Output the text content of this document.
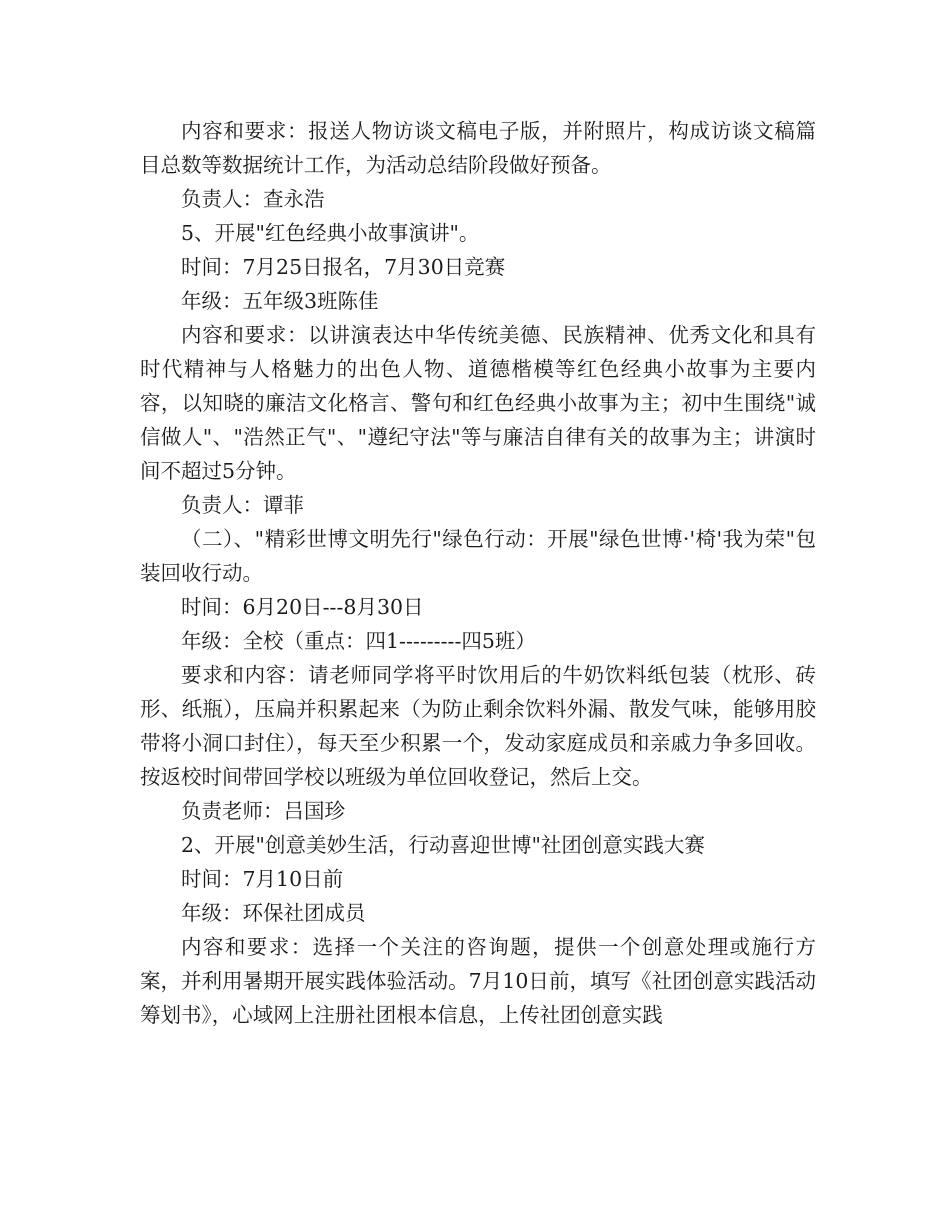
内容和要求：报送人物访谈文稿电子版，并附照片，构成访谈文稿篇目总数等数据统计工作，为活动总结阶段做好预备。

负责人：查永浩

5、开展"红色经典小故事演讲"。

时间：7月25日报名，7月30日竞赛

年级：五年级3班陈佳

内容和要求：以讲演表达中华传统美德、民族精神、优秀文化和具有时代精神与人格魅力的出色人物、道德楷模等红色经典小故事为主要内容，以知晓的廉洁文化格言、警句和红色经典小故事为主；初中生围绕"诚信做人"、"浩然正气"、"遵纪守法"等与廉洁自律有关的故事为主；讲演时间不超过5分钟。

负责人：谭菲

（二）、"精彩世博文明先行"绿色行动：开展"绿色世博·'椅'我为荣"包装回收行动。

时间：6月20日---8月30日

年级：全校（重点：四1---------四5班）

要求和内容：请老师同学将平时饮用后的牛奶饮料纸包装（枕形、砖形、纸瓶），压扁并积累起来（为防止剩余饮料外漏、散发气味，能够用胶带将小洞口封住），每天至少积累一个，发动家庭成员和亲戚力争多回收。按返校时间带回学校以班级为单位回收登记，然后上交。

负责老师：吕国珍

2、开展"创意美妙生活，行动喜迎世博"社团创意实践大赛

时间：7月10日前

年级：环保社团成员

内容和要求：选择一个关注的咨询题，提供一个创意处理或施行方案，并利用暑期开展实践体验活动。7月10日前，填写《社团创意实践活动筹划书》，心域网上注册社团根本信息，上传社团创意实践
